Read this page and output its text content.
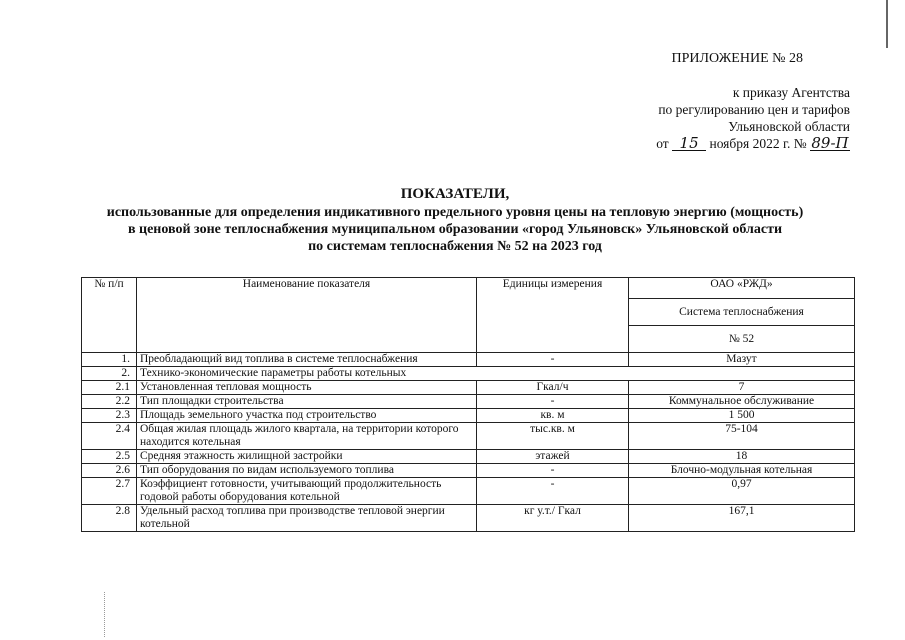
ПРИЛОЖЕНИЕ № 28
к приказу Агентства
по регулированию цен и тарифов
Ульяновской области
от 15 ноября 2022 г. № 89-П
ПОКАЗАТЕЛИ,
использованные для определения индикативного предельного уровня цены на тепловую энергию (мощность)
в ценовой зоне теплоснабжения муниципальном образовании «город Ульяновск» Ульяновской области
по системам теплоснабжения № 52 на 2023 год
№ п/п	Наименование показателя	Единицы измерения	ОАО «РЖД»
			Система теплоснабжения
			№ 52
1.	Преобладающий вид топлива в системе теплоснабжения	-	Мазут
2.	Технико-экономические параметры работы котельных		
2.1	Установленная тепловая мощность	Гкал/ч	7
2.2	Тип площадки строительства	-	Коммунальное обслуживание
2.3	Площадь земельного участка под строительство	кв. м	1 500
2.4	Общая жилая площадь жилого квартала, на территории которого находится котельная	тыс.кв. м	75-104
2.5	Средняя этажность жилищной застройки	этажей	18
2.6	Тип оборудования по видам используемого топлива	-	Блочно-модульная котельная
2.7	Коэффициент готовности, учитывающий продолжительность годовой работы оборудования котельной	-	0,97
2.8	Удельный расход топлива при производстве тепловой энергии котельной	кг у.т./ Гкал	167,1
